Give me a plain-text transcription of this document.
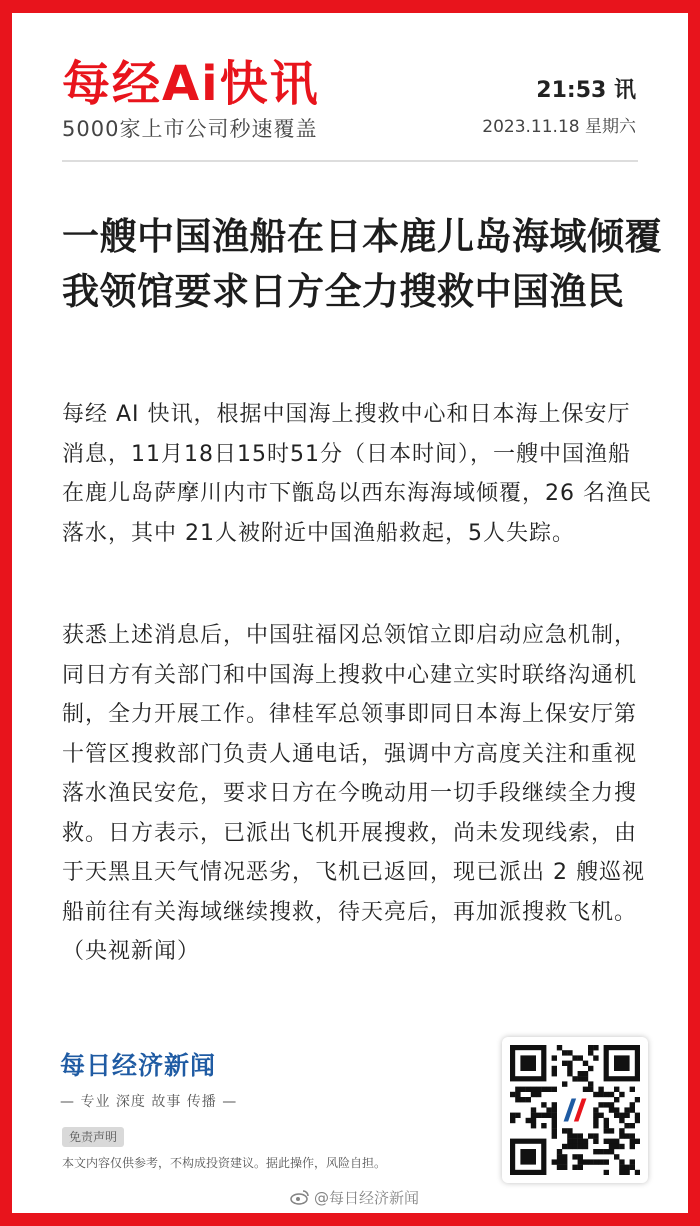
每经Ai快讯
5000家上市公司秒速覆盖
21:53 讯
2023.11.18 星期六
一艘中国渔船在日本鹿儿岛海域倾覆 我领馆要求日方全力搜救中国渔民
每经 AI 快讯，根据中国海上搜救中心和日本海上保安厅消息，11月18日15时51分（日本时间），一艘中国渔船在鹿儿岛萨摩川内市下甑岛以西东海海域倾覆，26 名渔民落水，其中 21人被附近中国渔船救起，5人失踪。
获悉上述消息后，中国驻福冈总领馆立即启动应急机制，同日方有关部门和中国海上搜救中心建立实时联络沟通机制，全力开展工作。律桂军总领事即同日本海上保安厅第十管区搜救部门负责人通电话，强调中方高度关注和重视落水渔民安危，要求日方在今晚动用一切手段继续全力搜救。日方表示，已派出飞机开展搜救，尚未发现线索，由于天黑且天气情况恶劣，飞机已返回，现已派出 2 艘巡视船前往有关海域继续搜救，待天亮后，再加派搜救飞机。（央视新闻）
每日经济新闻
— 专业 深度 故事 传播 —
免责声明
本文内容仅供参考，不构成投资建议。据此操作，风险自担。
@每日经济新闻
